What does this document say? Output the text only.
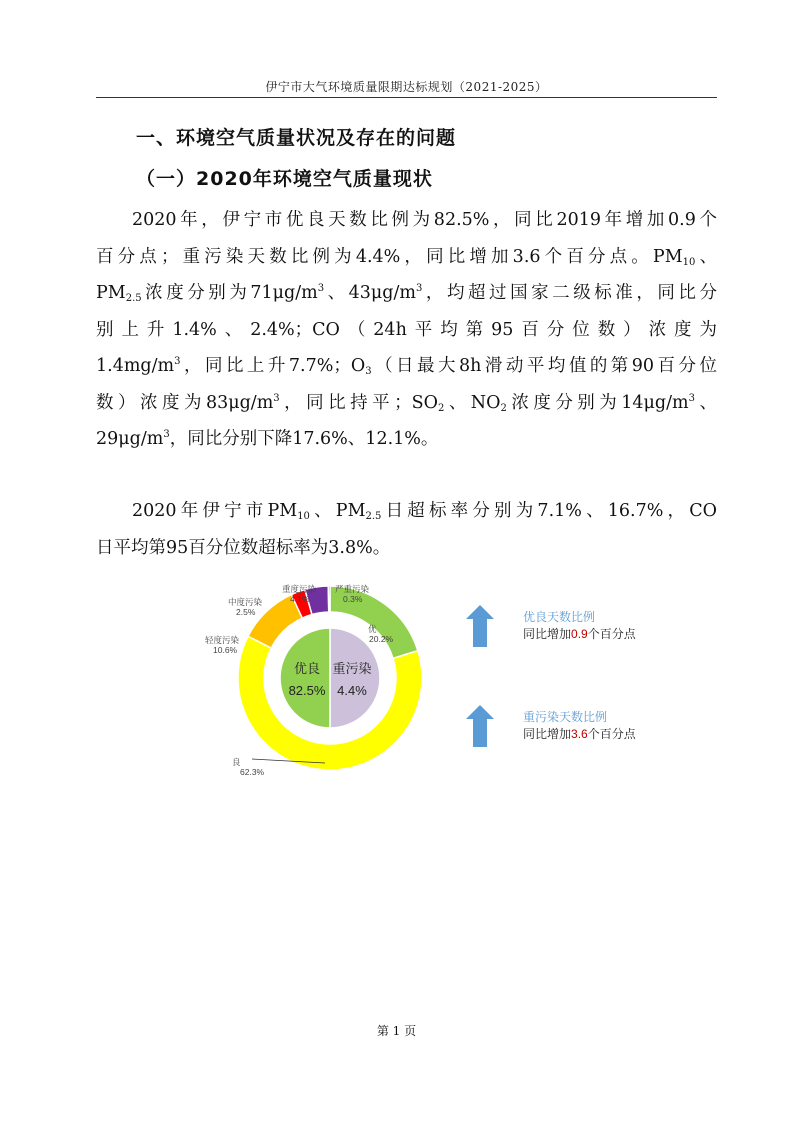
伊宁市大气环境质量限期达标规划（2021-2025）
一、环境空气质量状况及存在的问题
（一）2020年环境空气质量现状
2020年，伊宁市优良天数比例为82.5%，同比2019年增加0.9个
百分点；重污染天数比例为4.4%，同比增加3.6个百分点。$PM_{10}$、
$PM_{2.5}$浓度分别为$71\mu g/m^3$、$43\mu g/m^3$，均超过国家二级标准，同比分
别上升1.4%、2.4%；CO（24h平均第95百分位数）浓度为
$1.4mg/m^3$，同比上升7.7%；$O_3$（日最大8h滑动平均值的第90百分位
数）浓度为$83\mu g/m^3$，同比持平；$SO_2$、$NO_2$浓度分别为$14\mu g/m^3$、
$29\mu g/m^3$，同比分别下降17.6%、12.1%。
2020年伊宁市$PM_{10}$、$PM_{2.5}$日超标率分别为7.1%、16.7%，CO
日平均第95百分位数超标率为3.8%。
优良
82.5%
重污染
4.4%
优
20.2%
良
62.3%
轻度污染
10.6%
中度污染
2.5%
重度污染
4.1%
严重污染
0.3%
优良天数比例
同比增加0.9个百分点
重污染天数比例
同比增加3.6个百分点
第 1 页
